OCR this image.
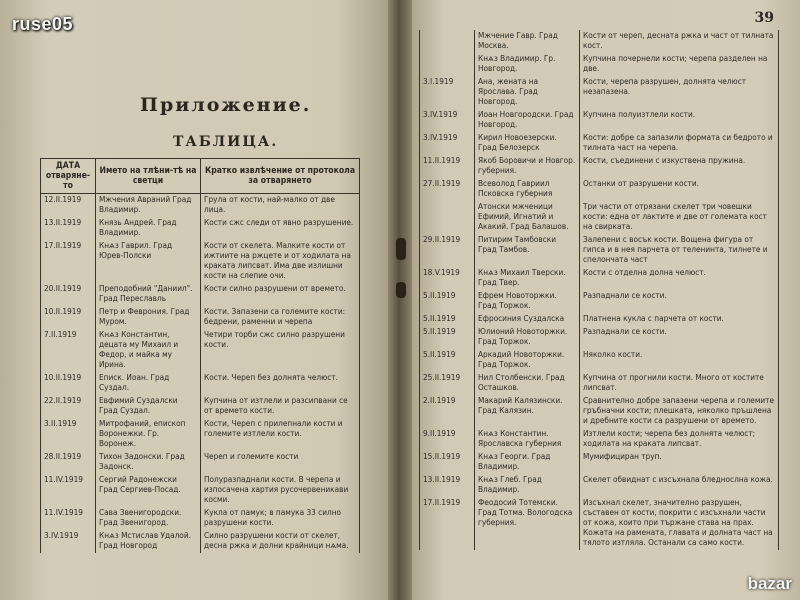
Приложение.
ТАБЛИЦА.
ДАТА отваряне-то	Името на тлѣни-тѣ на светци	Кратко извлѣчение от протокола за отварянето
12.II.1919	Мжчения Авраний Град Владимир.	Грула от кости, най-малко от две лица.

13.II.1919	Князь Андрей. Град Владимир.	Кости сжс следи от явно разрушение.

17.II.1919	Кнѧз Гаврил. Град Юрев-Полски	Кости от скелета. Малките кости от ижтиите на ржцете и от ходилата на краката липсват. Има две излишни кости на слепие очи.

20.II.1919	Преподобний "Даниил". Град Переславль	Кости силно разрушени от времето.

10.II.1919	Петр и Феврония. Град Муром.	Кости. Запазени са големите кости: бедрени, раменни и черепа

7.II.1919	Кнѧз Константин, децата му Михаил и Федор, и майка му Ирина.	Четири торби сжс силно разрушени кости.

10.II.1919	Еписк. Иоан. Град Суздал.	Кости. Череп без долнята челюст.

22.II.1919	Евфимий Суздалски Град Суздал.	Купчина от изтлели и разсипвани се от времето кости.

3.II.1919	Митрофаний, епископ Воронежки. Гр. Воронеж.	Кости, Череп с прилепнали кости и големите изтлели кости.

28.II.1919	Тихон Задонски. Град Задонск.	Череп и големите кости

11.IV.1919	Сергий Радонежски Град Сергиев-Посад.	Полуразпаднали кости. В черепа и изпосачена хартия русочервеникави косми.

11.IV.1919	Сава Звенигородски. Град Звенигород.	Кукла от памук; в памука 33 силно разрушени кости.

3.IV.1919	Кнѧз Мстислав Удалой. Град Новгород	Силно разрушени кости от скелет, десна ржка и долни крайници нѧма.

39
	Мжчение Гавр. Град Москва.	Кости от череп, десната ржка и част от тилната кост.

	Кнѧз Владимир. Гр. Новгород.	Купчина почернели кости; черепа разделен на две.

3.I.1919	Ана, жената на Ярослава. Град Новгород.	Кости, черепа разрушен, долнята челюст незапазена.

3.IV.1919	Иоан Новгородски. Град Новгород.	Купчина полуизтлели кости.

3.IV.1919	Кирил Новоезерски. Град Белозерск	Кости: добре са запазили формата си бедрото и тилната част на черепа.

11.II.1919	Якоб Боровичи и Новгор. губерния.	Кости, съединени с изкуствена пружина.

27.II.1919	Всеволод Гавриил Псковска губерния	Останки от разрушени кости.

	Атонски мжченици Ефимий, Игнатий и Акакий. Град Балашов.	Три части от отрязани скелет три човешки кости: една от лактите и две от големата кост на свирката.

29.II.1919	Питирим Тамбовски Град Тамбов.	Залепени с восък кости. Вощена фигура от гипса и в нея парчета от теленинта, тилнете и спелончата част

18.V.1919	Кнѧз Михаил Тверски. Град Твер.	Кости с отделна долна челюст.

5.II.1919	Ефрем Новоторжки. Град Торжок.	Разпаднали се кости.

5.II.1919	Ефросиния Суздалска	Платнена кукла с парчета от кости.

5.II.1919	Юлионий Новоторжки. Град Торжок.	Разпаднали се кости.

5.II.1919	Аркадий Новоторжки. Град Торжок.	Няколко кости.

25.II.1919	Нил Столбенски. Град Осташков.	Купчина от прогнили кости. Много от костите липсват.

2.II.1919	Макарий Калязински. Град Калязин.	Сравнително добре запазени черепа и големите гръбначни кости; плешката, няколко пръшлена и дребните кости са разрушени от времето.

9.II.1919	Кнѧз Константин. Ярославска губерния	Изтлели кости; черепа без долнята челюст; ходилата на краката липсват.

15.II.1919	Кнѧз Георги. Град Владимир.	Мумифициран труп.

13.II.1919	Кнѧз Глеб. Град Владимир.	Скелет обвиднат с изсъхнала бледнослна кожа.

17.II.1919	Феодосий Тотемски. Град Тотма. Вологодска губерния.	Изсъхнал скелет, значително разрушен, съставен от кости, покрити с изсъхнали части от кожа, които при тържане става на прах. Кожата на рамената, главата и долната част на тялото изтляла. Останали са само кости.

ruse05
bazar
